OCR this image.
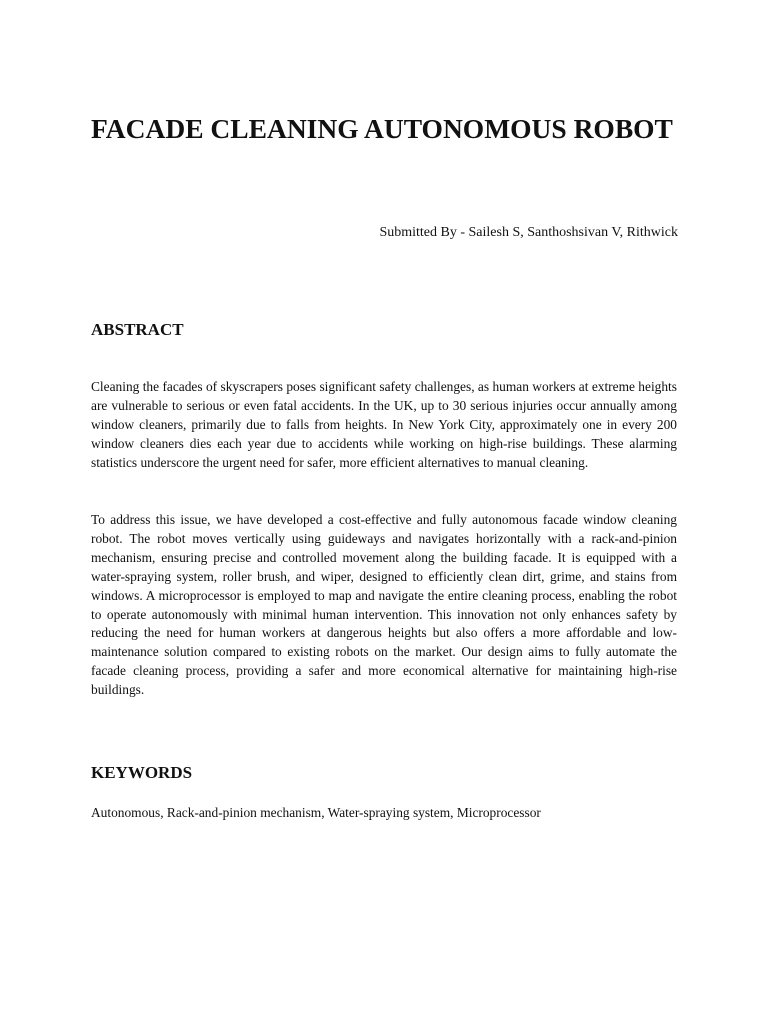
FACADE CLEANING AUTONOMOUS ROBOT

Submitted By - Sailesh S, Santhoshsivan V, Rithwick

ABSTRACT

Cleaning the facades of skyscrapers poses significant safety challenges, as human workers at extreme heights are vulnerable to serious or even fatal accidents. In the UK, up to 30 serious injuries occur annually among window cleaners, primarily due to falls from heights. In New York City, approximately one in every 200 window cleaners dies each year due to accidents while working on high-rise buildings. These alarming statistics underscore the urgent need for safer, more efficient alternatives to manual cleaning.

To address this issue, we have developed a cost-effective and fully autonomous facade window cleaning robot. The robot moves vertically using guideways and navigates horizontally with a rack-and-pinion mechanism, ensuring precise and controlled movement along the building facade. It is equipped with a water-spraying system, roller brush, and wiper, designed to efficiently clean dirt, grime, and stains from windows. A microprocessor is employed to map and navigate the entire cleaning process, enabling the robot to operate autonomously with minimal human intervention. This innovation not only enhances safety by reducing the need for human workers at dangerous heights but also offers a more affordable and low-maintenance solution compared to existing robots on the market. Our design aims to fully automate the facade cleaning process, providing a safer and more economical alternative for maintaining high-rise buildings.

KEYWORDS

Autonomous, Rack-and-pinion mechanism, Water-spraying system, Microprocessor
